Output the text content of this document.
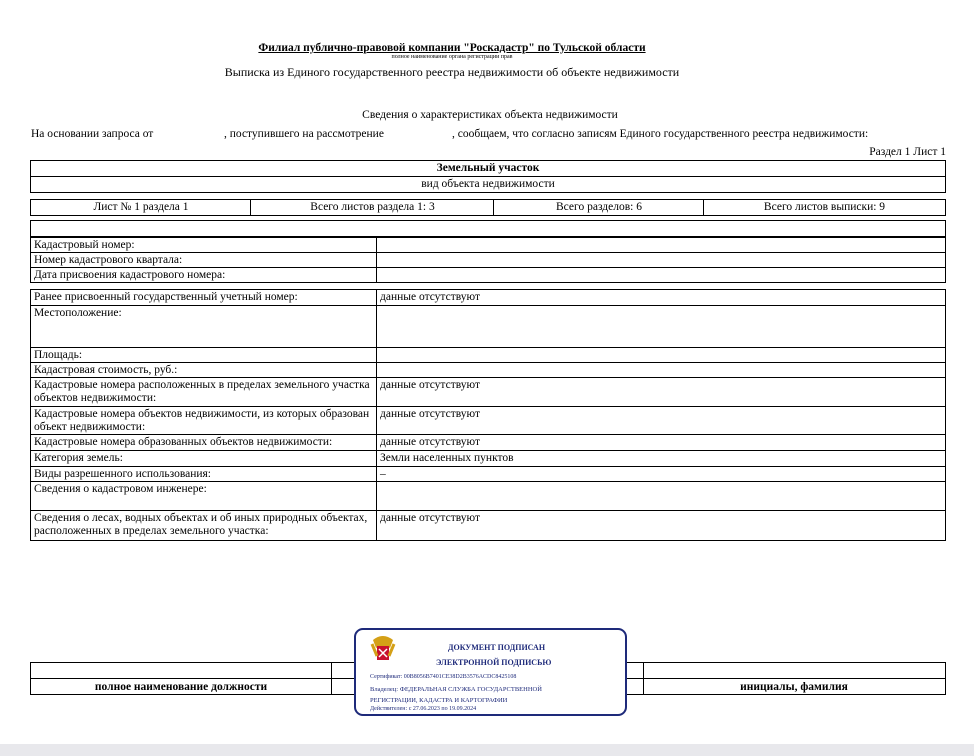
Филиал публично-правовой компании "Роскадастр" по Тульской области
полное наименование органа регистрации прав
Выписка из Единого государственного реестра недвижимости об объекте недвижимости
Сведения о характеристиках объекта недвижимости
На основании запроса от	, поступившего на рассмотрение	, сообщаем, что согласно записям Единого государственного реестра недвижимости:
Раздел 1 Лист 1
Земельный участок
вид объекта недвижимости
Лист № 1 раздела 1	Всего листов раздела 1: 3	Всего разделов: 6	Всего листов выписки: 9
Кадастровый номер:
Номер кадастрового квартала:
Дата присвоения кадастрового номера:
Ранее присвоенный государственный учетный номер:	данные отсутствуют
Местоположение:
Площадь:
Кадастровая стоимость, руб.:
Кадастровые номера расположенных в пределах земельного участка объектов недвижимости:
данные отсутствуют
Кадастровые номера объектов недвижимости, из которых образован объект недвижимости:
данные отсутствуют
Кадастровые номера образованных объектов недвижимости:	данные отсутствуют
Категория земель:	Земли населенных пунктов
Виды разрешенного использования:	–
Сведения о кадастровом инженере:
Сведения о лесах, водных объектах и об иных природных объектах, расположенных в пределах земельного участка:
данные отсутствуют
полное наименование должности	инициалы, фамилия
ДОКУМЕНТ ПОДПИСАН
ЭЛЕКТРОННОЙ ПОДПИСЬЮ
Сертификат: 00B8056B7401CE38D2B3576ACDC8425108
Владелец: ФЕДЕРАЛЬНАЯ СЛУЖБА ГОСУДАРСТВЕННОЙ
РЕГИСТРАЦИИ, КАДАСТРА И КАРТОГРАФИИ
Действителен: с 27.06.2023 по 19.09.2024
